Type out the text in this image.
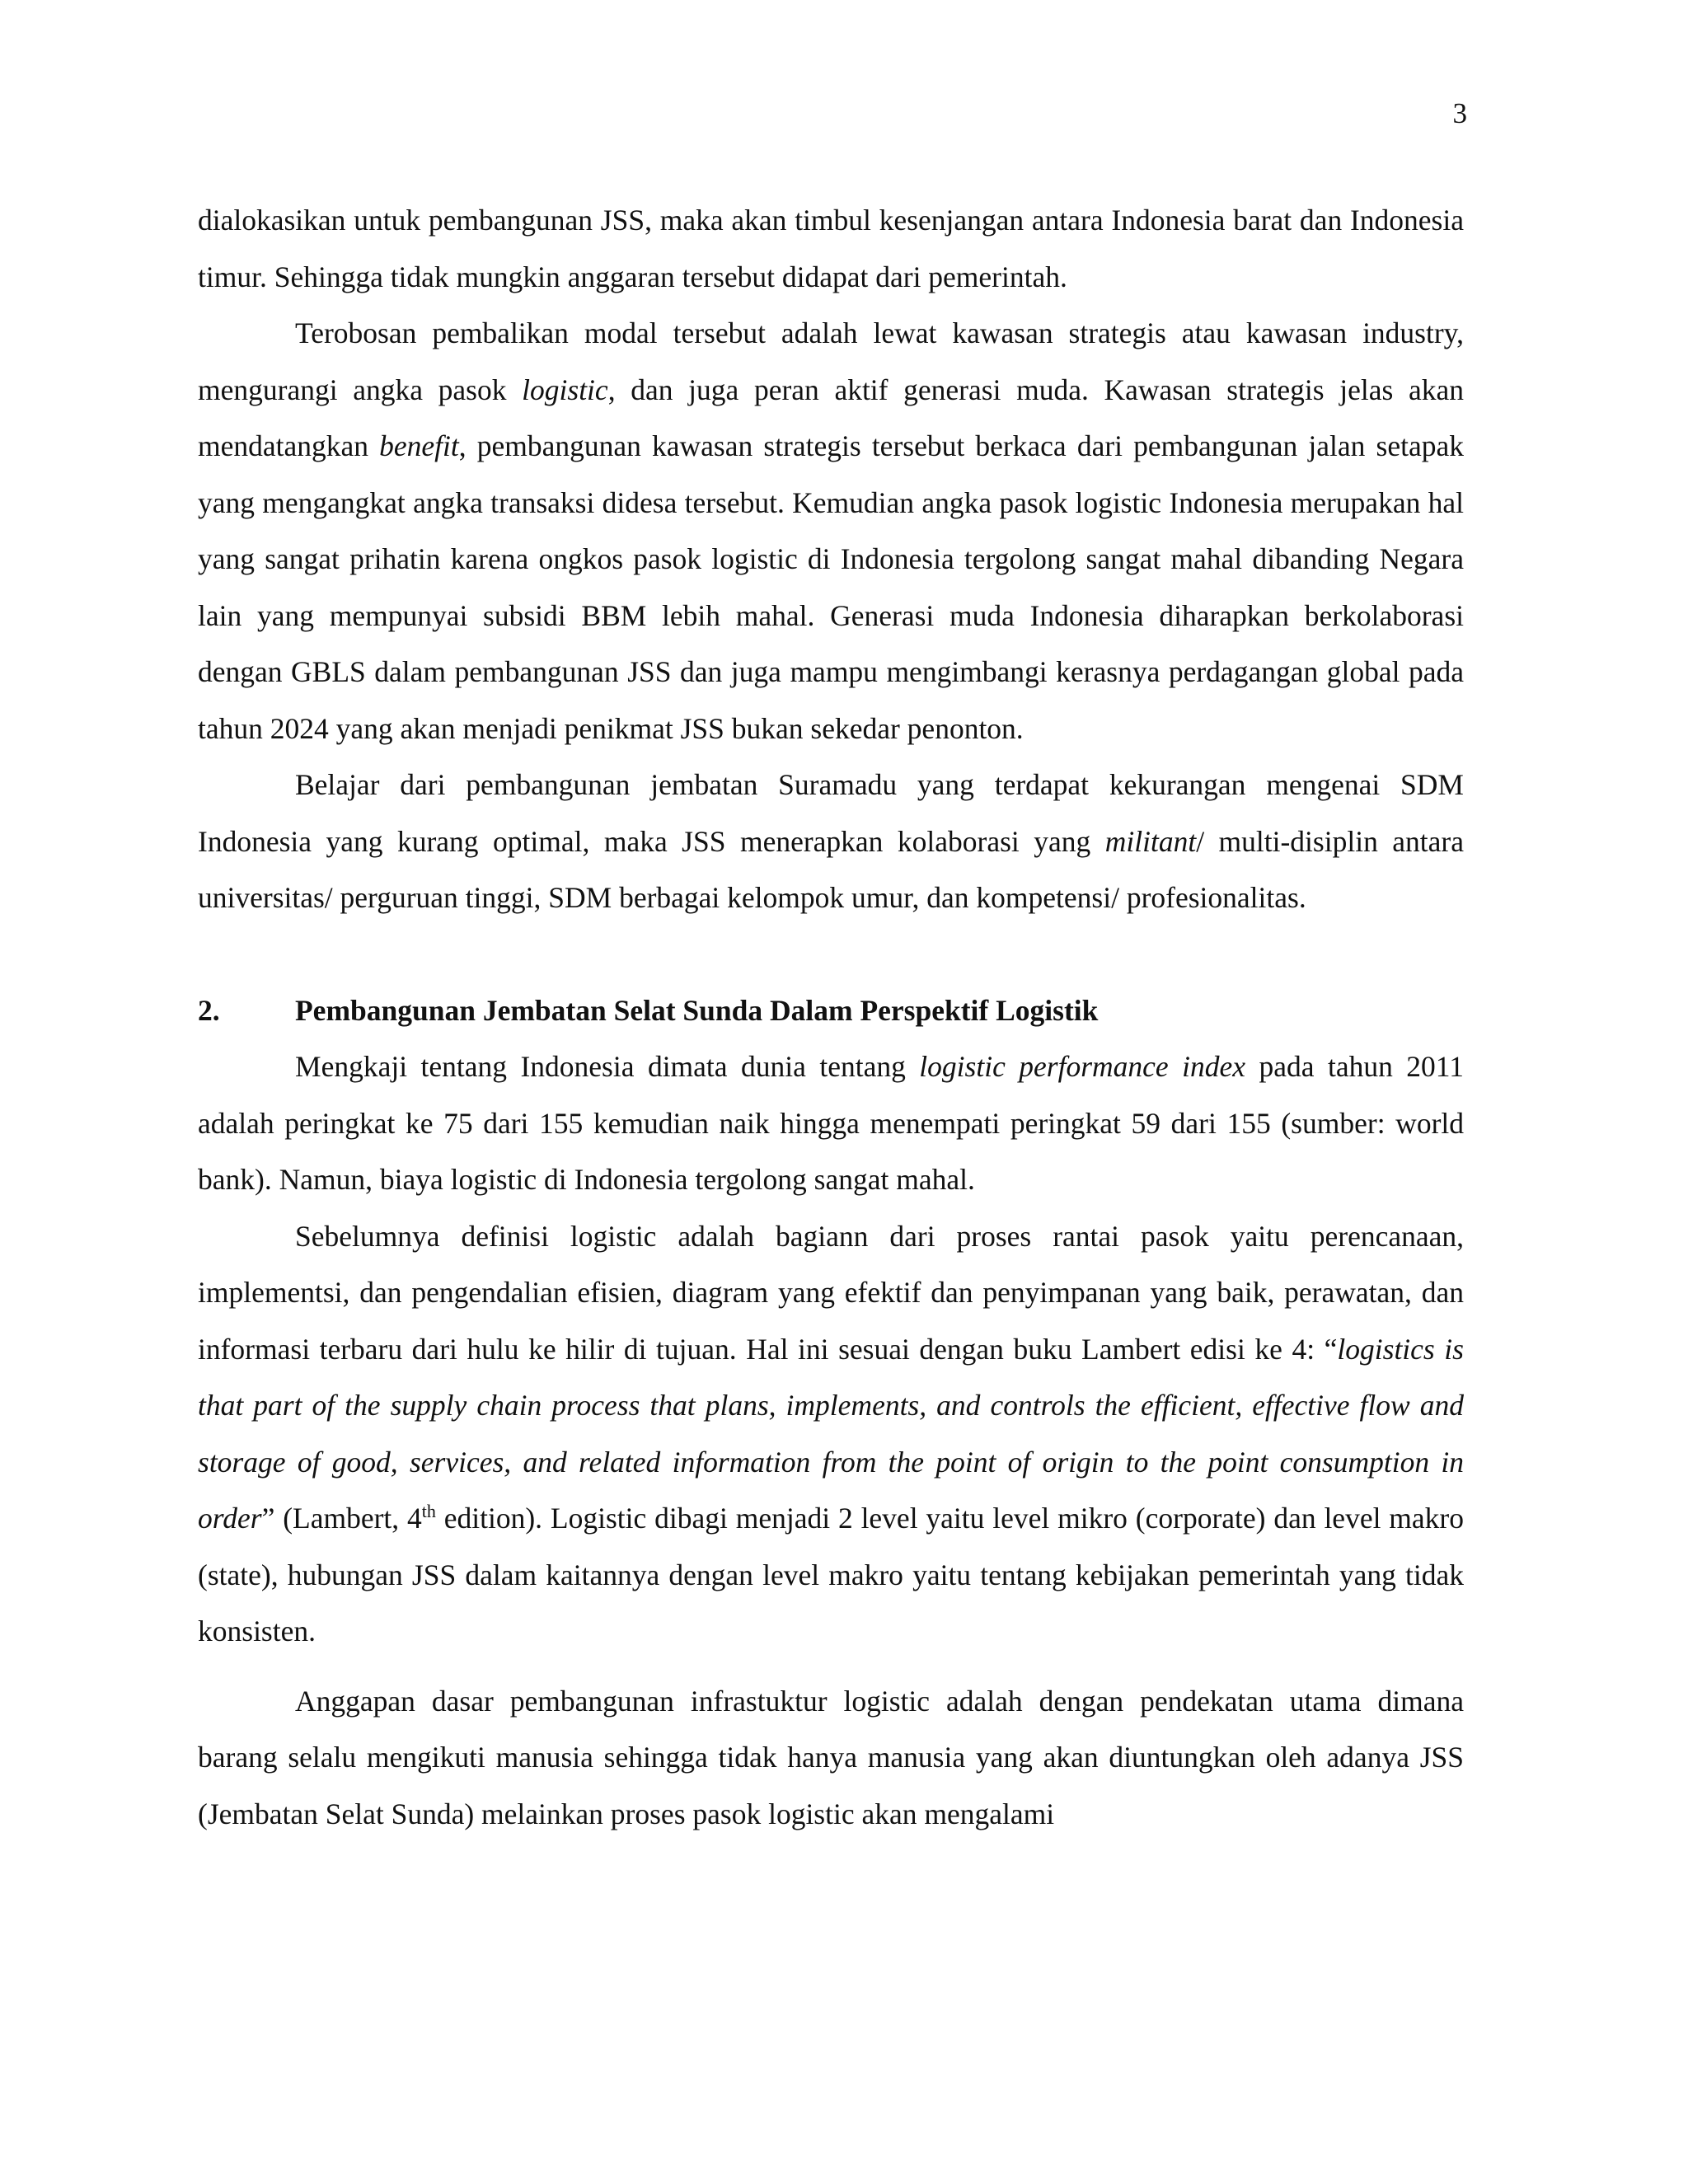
3

dialokasikan untuk pembangunan JSS, maka akan timbul kesenjangan antara Indonesia barat dan Indonesia timur. Sehingga tidak mungkin anggaran tersebut didapat dari pemerintah.

Terobosan pembalikan modal tersebut adalah lewat kawasan strategis atau kawasan industry, mengurangi angka pasok logistic, dan juga peran aktif generasi muda. Kawasan strategis jelas akan mendatangkan benefit, pembangunan kawasan strategis tersebut berkaca dari pembangunan jalan setapak yang mengangkat angka transaksi didesa tersebut. Kemudian angka pasok logistic Indonesia merupakan hal yang sangat prihatin karena ongkos pasok logistic di Indonesia tergolong sangat mahal dibanding Negara lain yang mempunyai subsidi BBM lebih mahal. Generasi muda Indonesia diharapkan berkolaborasi dengan GBLS dalam pembangunan JSS dan juga mampu mengimbangi kerasnya perdagangan global pada tahun 2024 yang akan menjadi penikmat JSS bukan sekedar penonton.

Belajar dari pembangunan jembatan Suramadu yang terdapat kekurangan mengenai SDM Indonesia yang kurang optimal, maka JSS menerapkan kolaborasi yang militant/ multi-disiplin antara universitas/ perguruan tinggi, SDM berbagai kelompok umur, dan kompetensi/ profesionalitas.

2.	Pembangunan Jembatan Selat Sunda Dalam Perspektif Logistik

Mengkaji tentang Indonesia dimata dunia tentang logistic performance index pada tahun 2011 adalah peringkat ke 75 dari 155 kemudian naik hingga menempati peringkat 59 dari 155 (sumber: world bank). Namun, biaya logistic di Indonesia tergolong sangat mahal.

Sebelumnya definisi logistic adalah bagiann dari proses rantai pasok yaitu perencanaan, implementsi, dan pengendalian efisien, diagram yang efektif dan penyimpanan yang baik, perawatan, dan informasi terbaru dari hulu ke hilir di tujuan. Hal ini sesuai dengan buku Lambert edisi ke 4: “logistics is that part of the supply chain process that plans, implements, and controls the efficient, effective flow and storage of good, services, and related information from the point of origin to the point consumption in order” (Lambert, 4th edition). Logistic dibagi menjadi 2 level yaitu level mikro (corporate) dan level makro (state), hubungan JSS dalam kaitannya dengan level makro yaitu tentang kebijakan pemerintah yang tidak konsisten.

Anggapan dasar pembangunan infrastuktur logistic adalah dengan pendekatan utama dimana barang selalu mengikuti manusia sehingga tidak hanya manusia yang akan diuntungkan oleh adanya JSS (Jembatan Selat Sunda) melainkan proses pasok logistic akan mengalami
